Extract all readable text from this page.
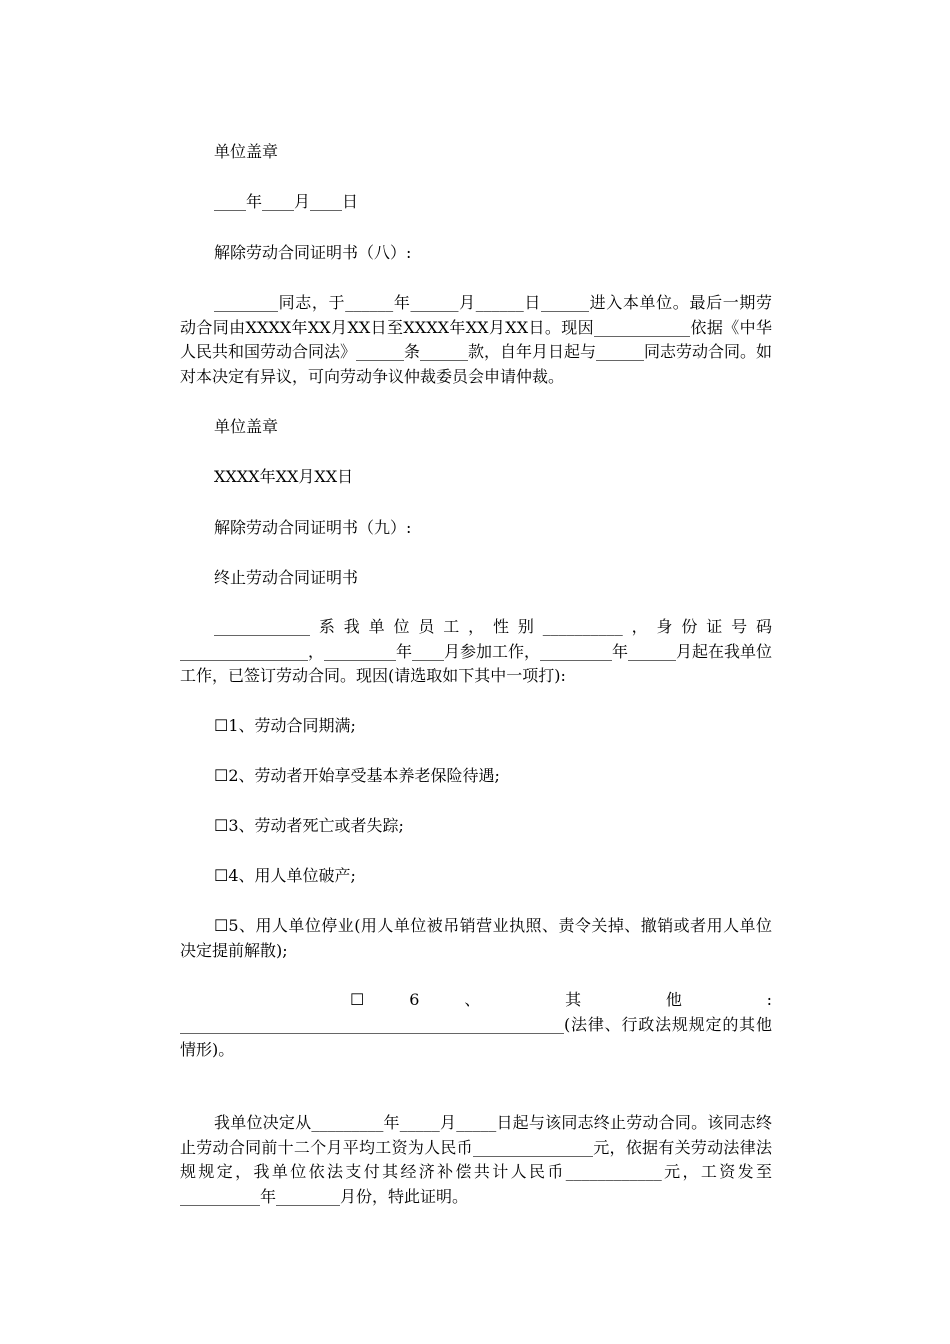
单位盖章

____年____月____日

解除劳动合同证明书（八）:

________同志，于______年______月______日______进入本单位。最后一期劳动合同由XXXX年XX月XX日至XXXX年XX月XX日。现因____________依据《中华人民共和国劳动合同法》______条______款，自年月日起与______同志劳动合同。如对本决定有异议，可向劳动争议仲裁委员会申请仲裁。

单位盖章

XXXX年XX月XX日

解除劳动合同证明书（九）:

终止劳动合同证明书

____________系我单位员工，性别__________，身份证号码________________，_________年____月参加工作，_________年______月起在我单位工作，已签订劳动合同。现因(请选取如下其中一项打):

☐1、劳动合同期满;

☐2、劳动者开始享受基本养老保险待遇;

☐3、劳动者死亡或者失踪;

☐4、用人单位破产;

☐5、用人单位停业(用人单位被吊销营业执照、责令关掉、撤销或者用人单位决定提前解散);

☐ 6 、 其 他 :

________________________________________________(法律、行政法规规定的其他情形)。

我单位决定从_________年_____月_____日起与该同志终止劳动合同。该同志终止劳动合同前十二个月平均工资为人民币_______________元，依据有关劳动法律法规规定，我单位依法支付其经济补偿共计人民币____________元，工资发至__________年________月份，特此证明。
